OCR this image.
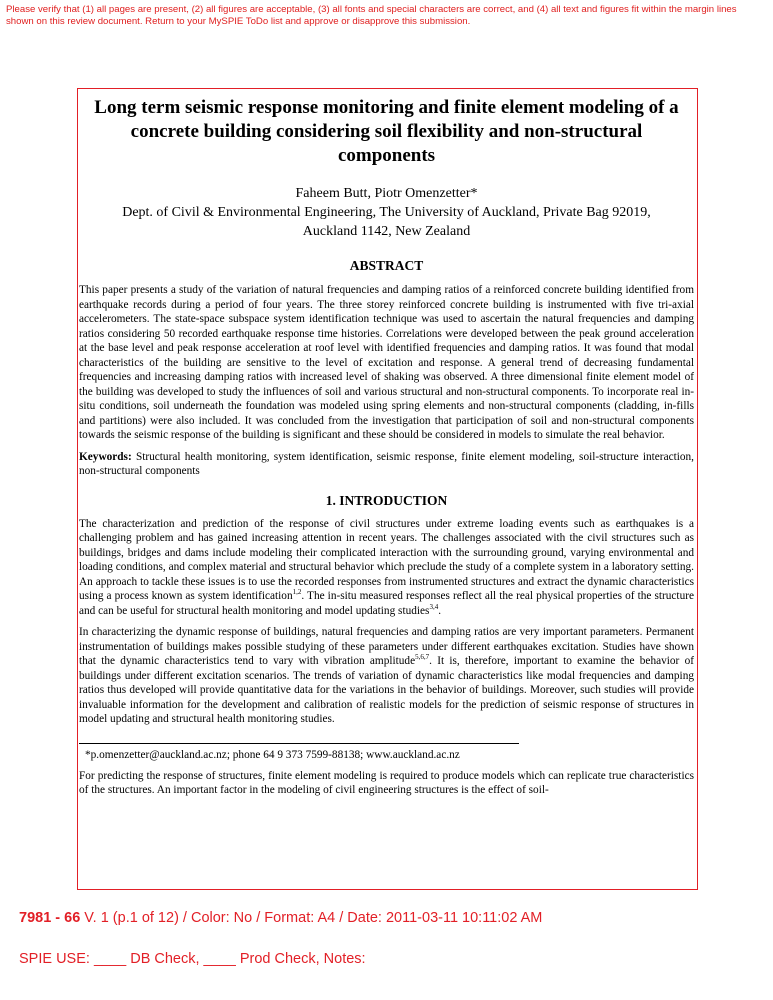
Please verify that (1) all pages are present, (2) all figures are acceptable, (3) all fonts and special characters are correct, and (4) all text and figures fit within the margin lines shown on this review document. Return to your MySPIE ToDo list and approve or disapprove this submission.
Long term seismic response monitoring and finite element modeling of a concrete building considering soil flexibility and non-structural components
Faheem Butt, Piotr Omenzetter*
Dept. of Civil & Environmental Engineering, The University of Auckland, Private Bag 92019,
Auckland 1142, New Zealand
ABSTRACT

This paper presents a study of the variation of natural frequencies and damping ratios of a reinforced concrete building identified from earthquake records during a period of four years. The three storey reinforced concrete building is instrumented with five tri-axial accelerometers. The state-space subspace system identification technique was used to ascertain the natural frequencies and damping ratios considering 50 recorded earthquake response time histories. Correlations were developed between the peak ground acceleration at the base level and peak response acceleration at roof level with identified frequencies and damping ratios. It was found that modal characteristics of the building are sensitive to the level of excitation and response. A general trend of decreasing fundamental frequencies and increasing damping ratios with increased level of shaking was observed. A three dimensional finite element model of the building was developed to study the influences of soil and various structural and non-structural components. To incorporate real in-situ conditions, soil underneath the foundation was modeled using spring elements and non-structural components (cladding, in-fills and partitions) were also included. It was concluded from the investigation that participation of soil and non-structural components towards the seismic response of the building is significant and these should be considered in models to simulate the real behavior.

Keywords: Structural health monitoring, system identification, seismic response, finite element modeling, soil-structure interaction, non-structural components

1. INTRODUCTION

The characterization and prediction of the response of civil structures under extreme loading events such as earthquakes is a challenging problem and has gained increasing attention in recent years. The challenges associated with the civil structures such as buildings, bridges and dams include modeling their complicated interaction with the surrounding ground, varying environmental and loading conditions, and complex material and structural behavior which preclude the study of a complete system in a laboratory setting. An approach to tackle these issues is to use the recorded responses from instrumented structures and extract the dynamic characteristics using a process known as system identification$^{1,2}$. The in-situ measured responses reflect all the real physical properties of the structure and can be useful for structural health monitoring and model updating studies$^{3,4}$.

In characterizing the dynamic response of buildings, natural frequencies and damping ratios are very important parameters. Permanent instrumentation of buildings makes possible studying of these parameters under different earthquakes excitation. Studies have shown that the dynamic characteristics tend to vary with vibration amplitude$^{5,6,7}$. It is, therefore, important to examine the behavior of buildings under different excitation scenarios. The trends of variation of dynamic characteristics like modal frequencies and damping ratios thus developed will provide quantitative data for the variations in the behavior of buildings. Moreover, such studies will provide invaluable information for the development and calibration of realistic models for the prediction of seismic response of structures in model updating and structural health monitoring studies.

*p.omenzetter@auckland.ac.nz; phone 64 9 373 7599-88138; www.auckland.ac.nz

For predicting the response of structures, finite element modeling is required to produce models which can replicate true characteristics of the structures. An important factor in the modeling of civil engineering structures is the effect of soil-

7981 - 66 V. 1 (p.1 of 12) / Color: No / Format: A4 / Date: 2011-03-11 10:11:02 AM
SPIE USE: ____ DB Check, ____ Prod Check, Notes:
